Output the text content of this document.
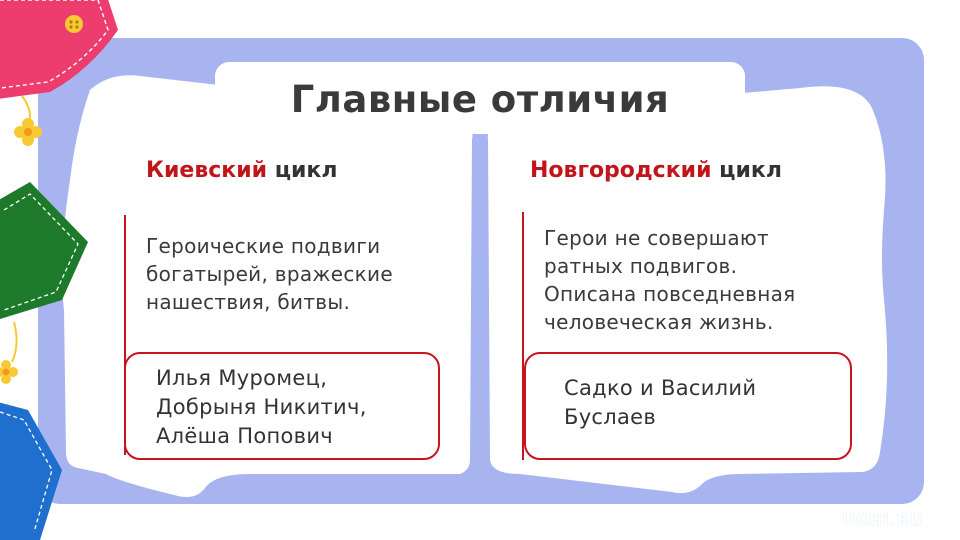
Главные отличия
Киевский цикл
Героические подвиги
богатырей, вражеские
нашествия, битвы.
Илья Муромец,
Добрыня Никитич,
Алёша Попович
Новгородский цикл
Герои не совершают
ратных подвигов.
Описана повседневная
человеческая жизнь.
Садко и Василий
Буслаев
UCHi.RU
